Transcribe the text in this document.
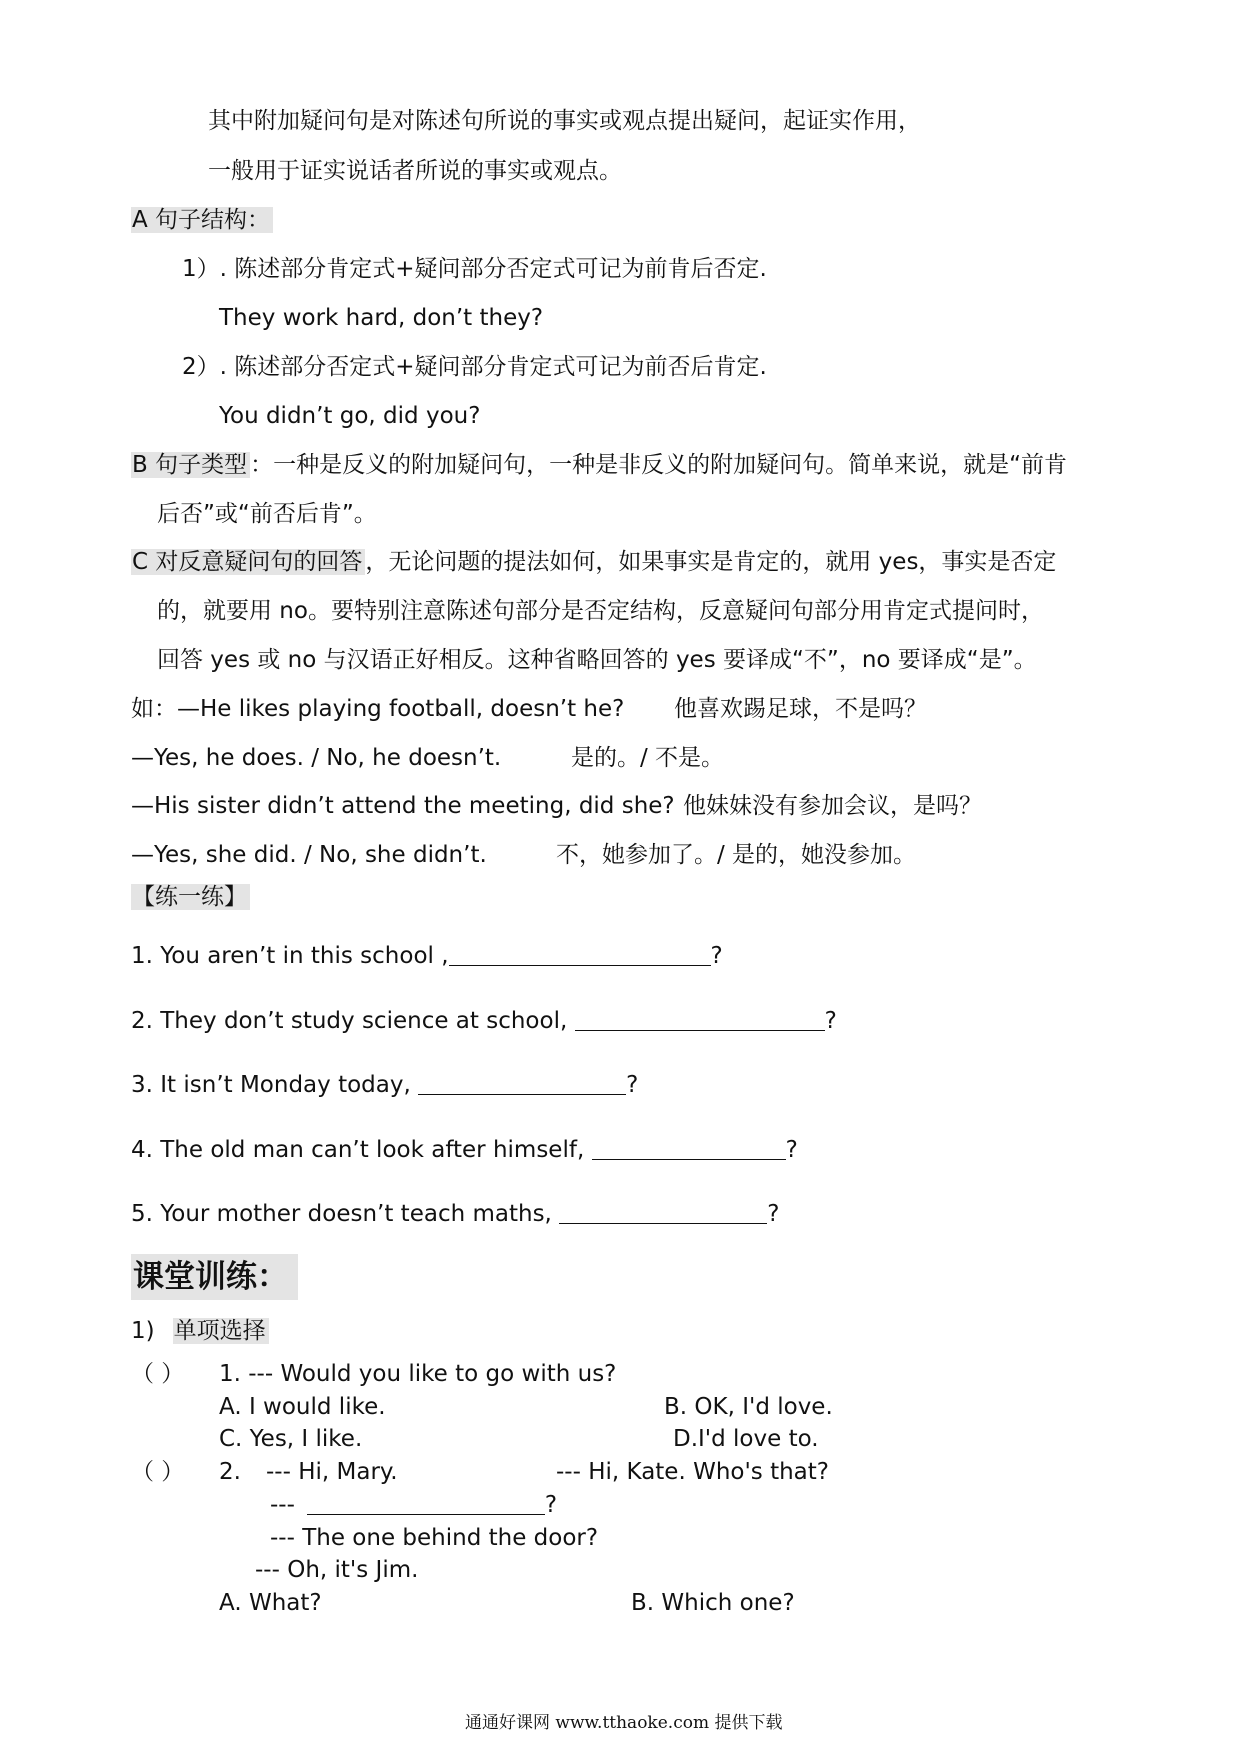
其中附加疑问句是对陈述句所说的事实或观点提出疑问，起证实作用，
一般用于证实说话者所说的事实或观点。
A 句子结构：
1）. 陈述部分肯定式+疑问部分否定式可记为前肯后否定.
They work hard, don’t they?
2）. 陈述部分否定式+疑问部分肯定式可记为前否后肯定.
You didn’t go, did you?
B 句子类型 ：一种是反义的附加疑问句，一种是非反义的附加疑问句。简单来说，就是“前肯
后否”或“前否后肯”。
C 对反意疑问句的回答 ，无论问题的提法如何，如果事实是肯定的，就用 yes，事实是否定
的，就要用 no。要特别注意陈述句部分是否定结构，反意疑问句部分用肯定式提问时，
回答 yes 或 no 与汉语正好相反。这种省略回答的 yes 要译成“不”，no 要译成“是”。
如：—He likes playing football, doesn’t he? 他喜欢踢足球，不是吗？
—Yes, he does. / No, he doesn’t.	是的。/ 不是。
—His sister didn’t attend the meeting, did she? 他妹妹没有参加会议，是吗？
—Yes, she did. / No, she didn’t.	不，她参加了。/ 是的，她没参加。
【练一练】
1. You aren’t in this school ,	?
2. They don’t study science at school,	?
3. It isn’t Monday today,	?
4. The old man can’t look after himself,	?
5. Your mother doesn’t teach maths,	?
课堂训练：
1) 单项选择
（ ） 1. --- Would you like to go with us?
A. I would like.	B. OK, I'd love.
C. Yes, I like.	D.I'd love to.
（ ） 2. --- Hi, Mary.	--- Hi, Kate. Who's that?
---	?
--- The one behind the door?
--- Oh, it's Jim.
A. What?	B. Which one?
通通好课网 www.tthaoke.com 提供下载
